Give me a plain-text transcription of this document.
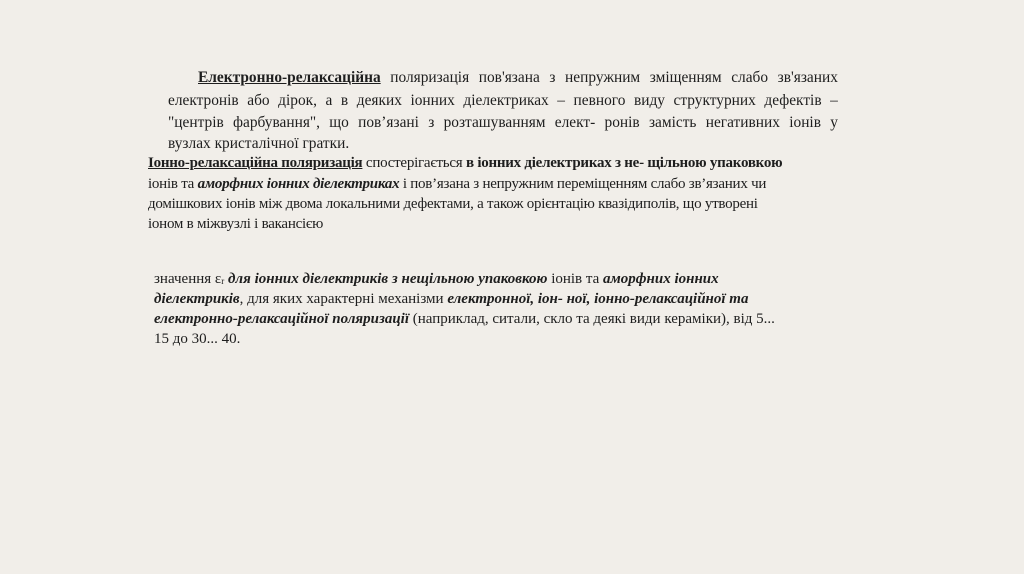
Електронно-релаксаційна поляризація пов'язана з непружним зміщенням слабо зв'язаних
електронів або дірок, а в деяких іонних діелектриках – певного виду структурних дефектів –
"центрів фарбування", що пов’язані з розташуванням елект- ронів замість негативних іонів у
вузлах кристалічної гратки.
Іонно-релаксаційна поляризація спостерігається в іонних діелектриках з не- щільною упаковкою
іонів та аморфних іонних діелектриках і пов’язана з непружним переміщенням слабо зв’язаних чи
домішкових іонів між двома локальними дефектами, а також орієнтацію квазідиполів, що утворені
іоном в міжвузлі і вакансією
значення $\varepsilon_r$ для іонних діелектриків з нещільною упаковкою іонів та аморфних іонних
діелектриків, для яких характерні механізми електронної, іон- ної, іонно-релаксаційної та
електронно-релаксаційної поляризації (наприклад, ситали, скло та деякі види кераміки), від 5...
15 до 30... 40.
